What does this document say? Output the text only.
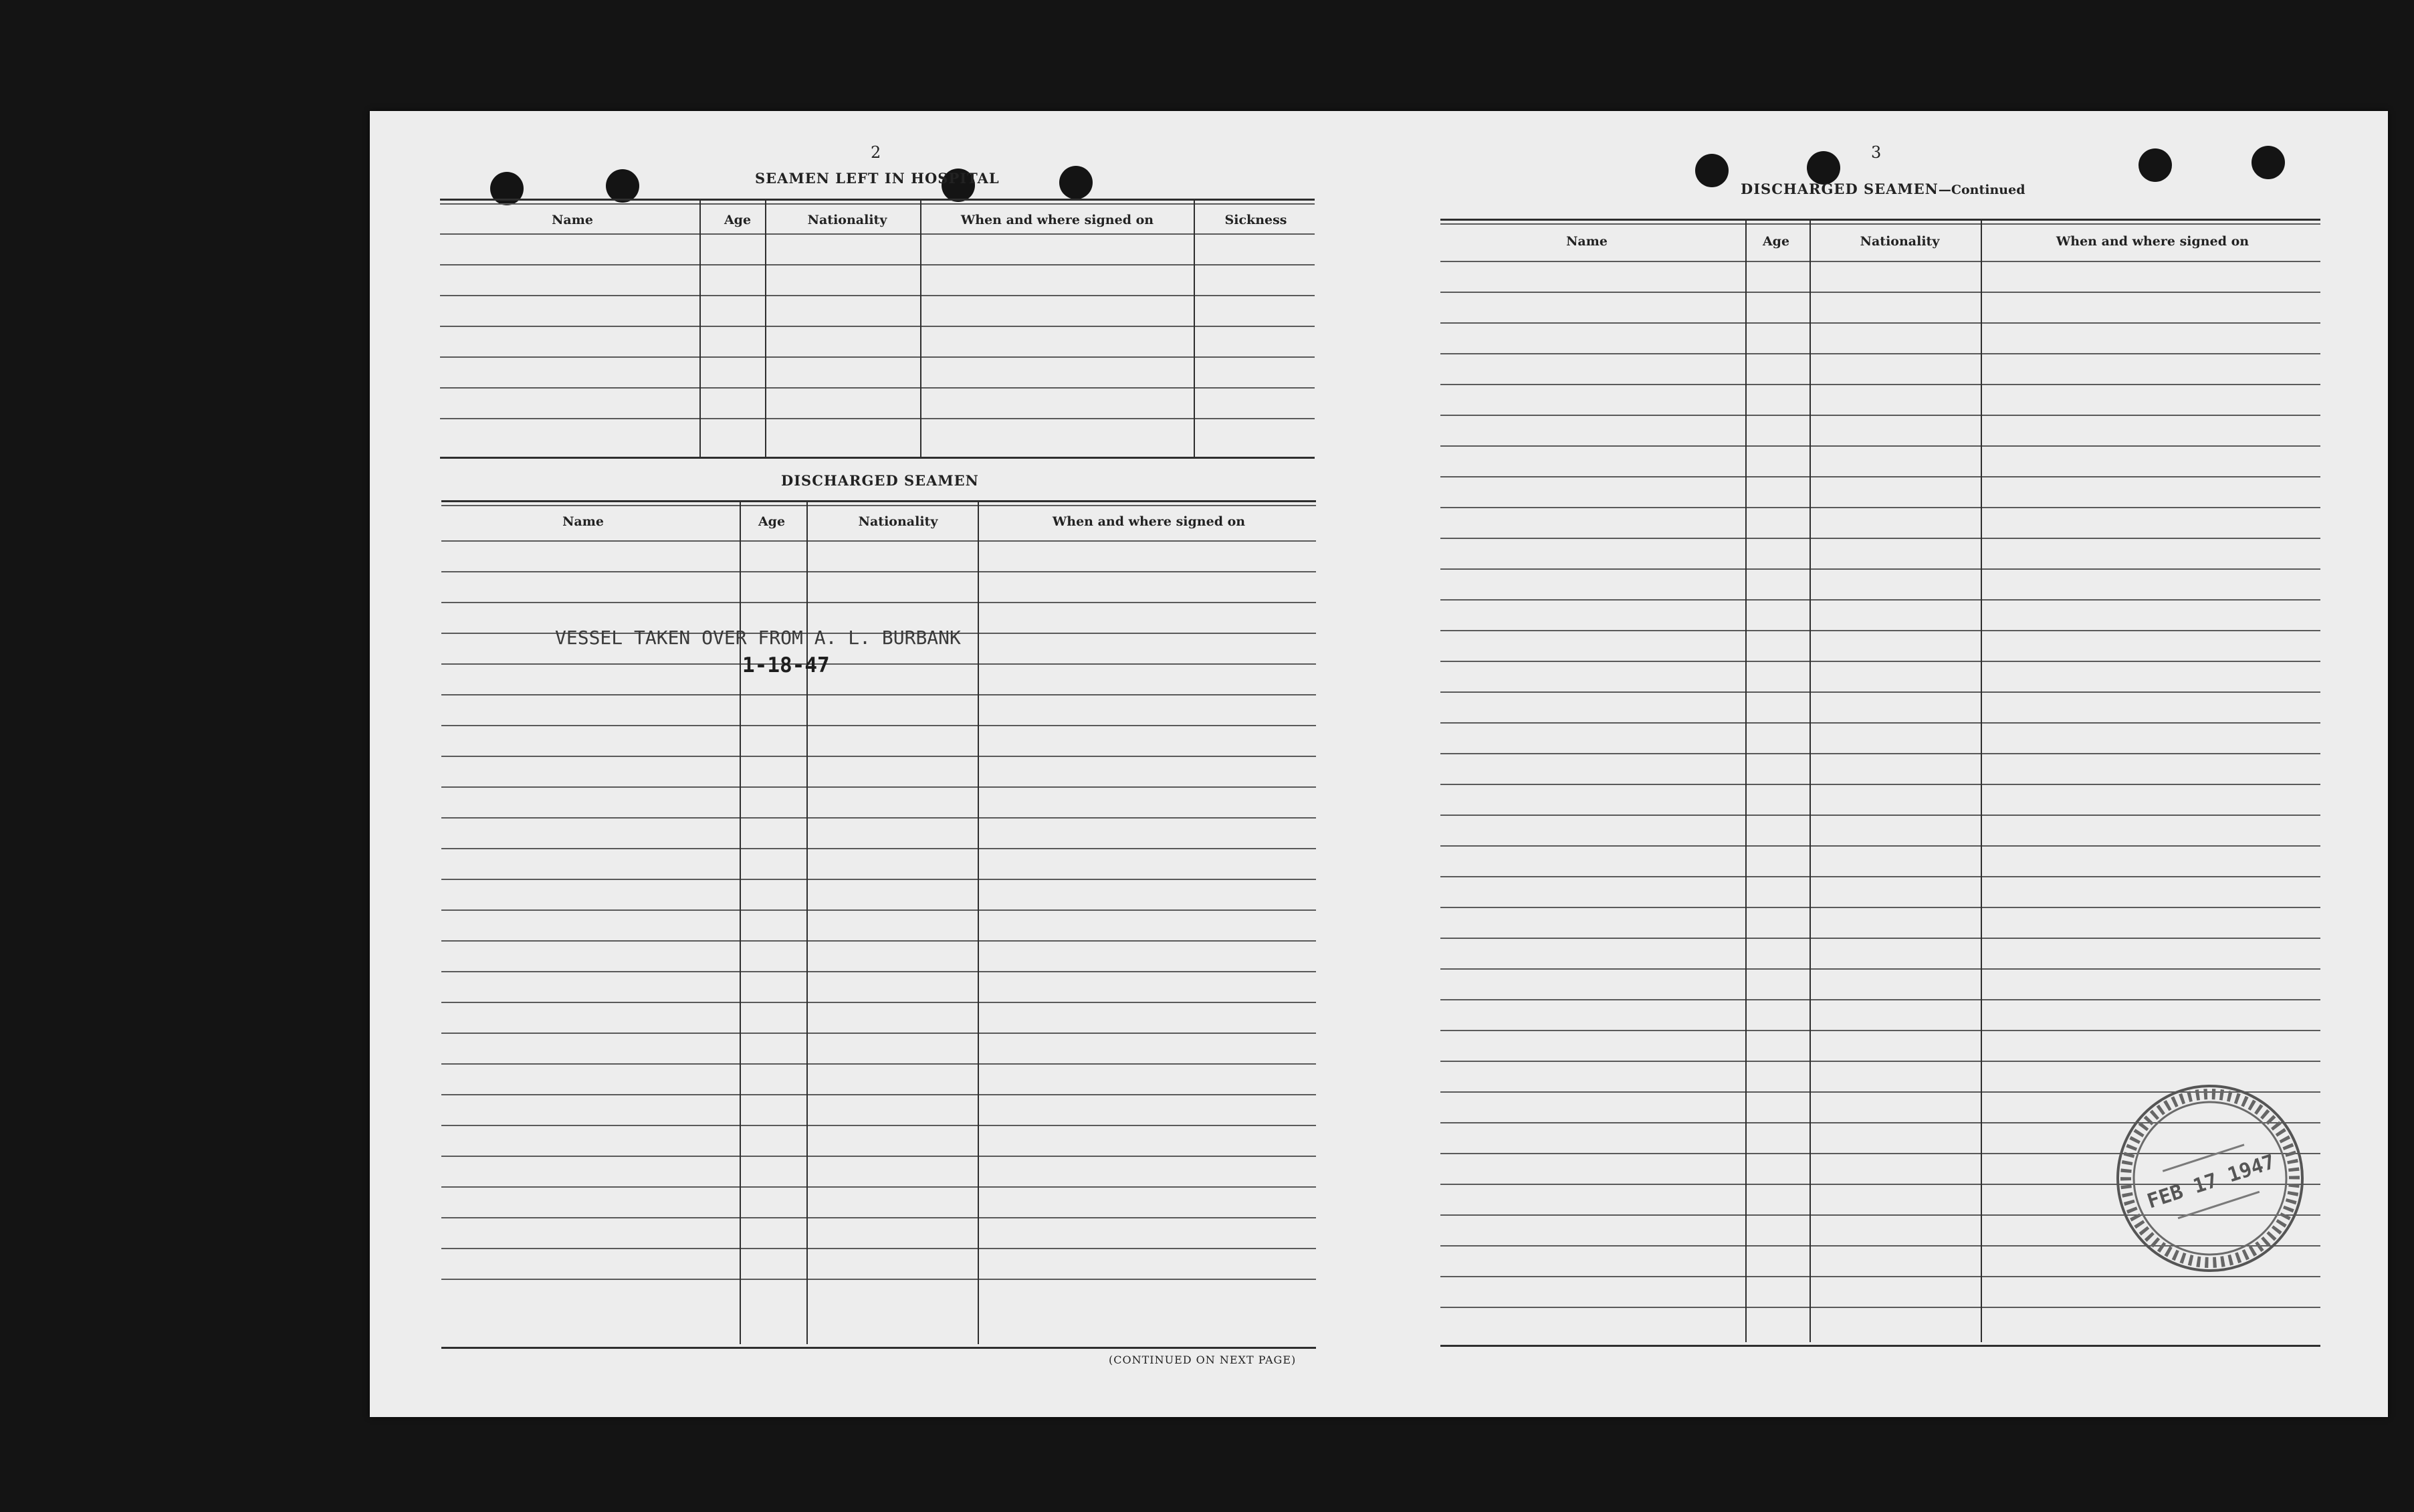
2
SEAMEN LEFT IN HOSPITAL
Name	Age	Nationality	When and where signed on	Sickness
DISCHARGED SEAMEN
Name	Age	Nationality	When and where signed on
VESSEL TAKEN OVER FROM A. L. BURBANK
1-18-47
(CONTINUED ON NEXT PAGE)
3
DISCHARGED SEAMEN—Continued
Name	Age	Nationality	When and where signed on
FEB 17 1947
